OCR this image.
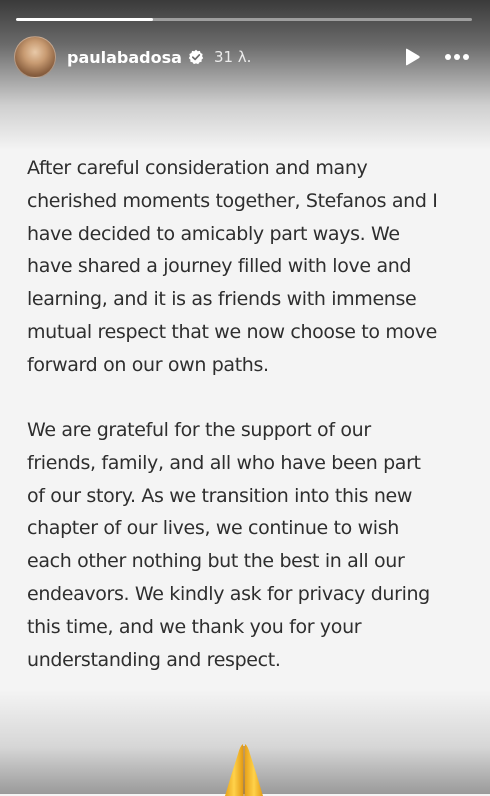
paulabadosa 31 λ.
After careful consideration and many
cherished moments together, Stefanos and I
have decided to amicably part ways. We
have shared a journey filled with love and
learning, and it is as friends with immense
mutual respect that we now choose to move
forward on our own paths.
We are grateful for the support of our
friends, family, and all who have been part
of our story. As we transition into this new
chapter of our lives, we continue to wish
each other nothing but the best in all our
endeavors. We kindly ask for privacy during
this time, and we thank you for your
understanding and respect.
